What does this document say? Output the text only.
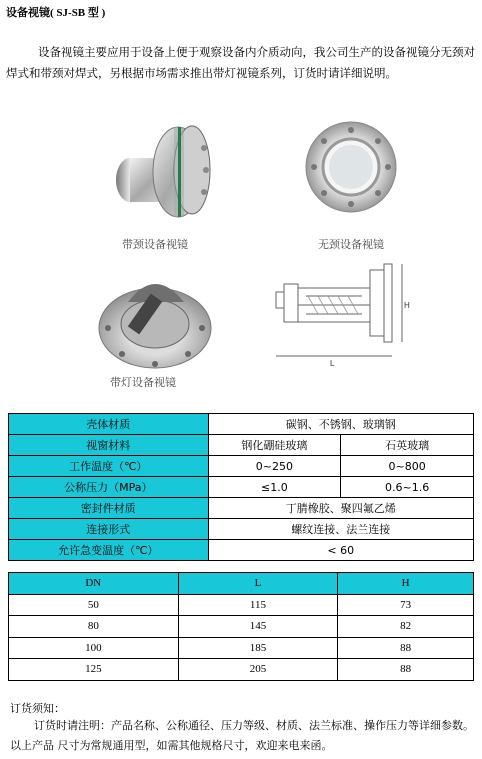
设备视镜( SJ-SB 型 )
设备视镜主要应用于设备上便于观察设备内介质动向，我公司生产的设备视镜分无颈对焊式和带颈对焊式，另根据市场需求推出带灯视镜系列，订货时请详细说明。
带颈设备视镜	无颈设备视镜
带灯设备视镜
H
L
壳体材质	碳钢、不锈钢、玻璃钢	
视窗材料	钢化硼硅玻璃	石英玻璃
工作温度（℃）	0~250	0~800
公称压力（MPa）	≤1.0	0.6~1.6
密封件材质	丁腈橡胶、聚四氟乙烯	
连接形式	螺纹连接、法兰连接	
允许急变温度（℃）	< 60	
DN	L	H
50	115	73
80	145	82
100	185	88
125	205	88
订货须知：
订货时请注明：产品名称、公称通径、压力等级、材质、法兰标准、操作压力等详细参数。以上产品 尺寸为常规通用型，如需其他规格尺寸，欢迎来电来函。
